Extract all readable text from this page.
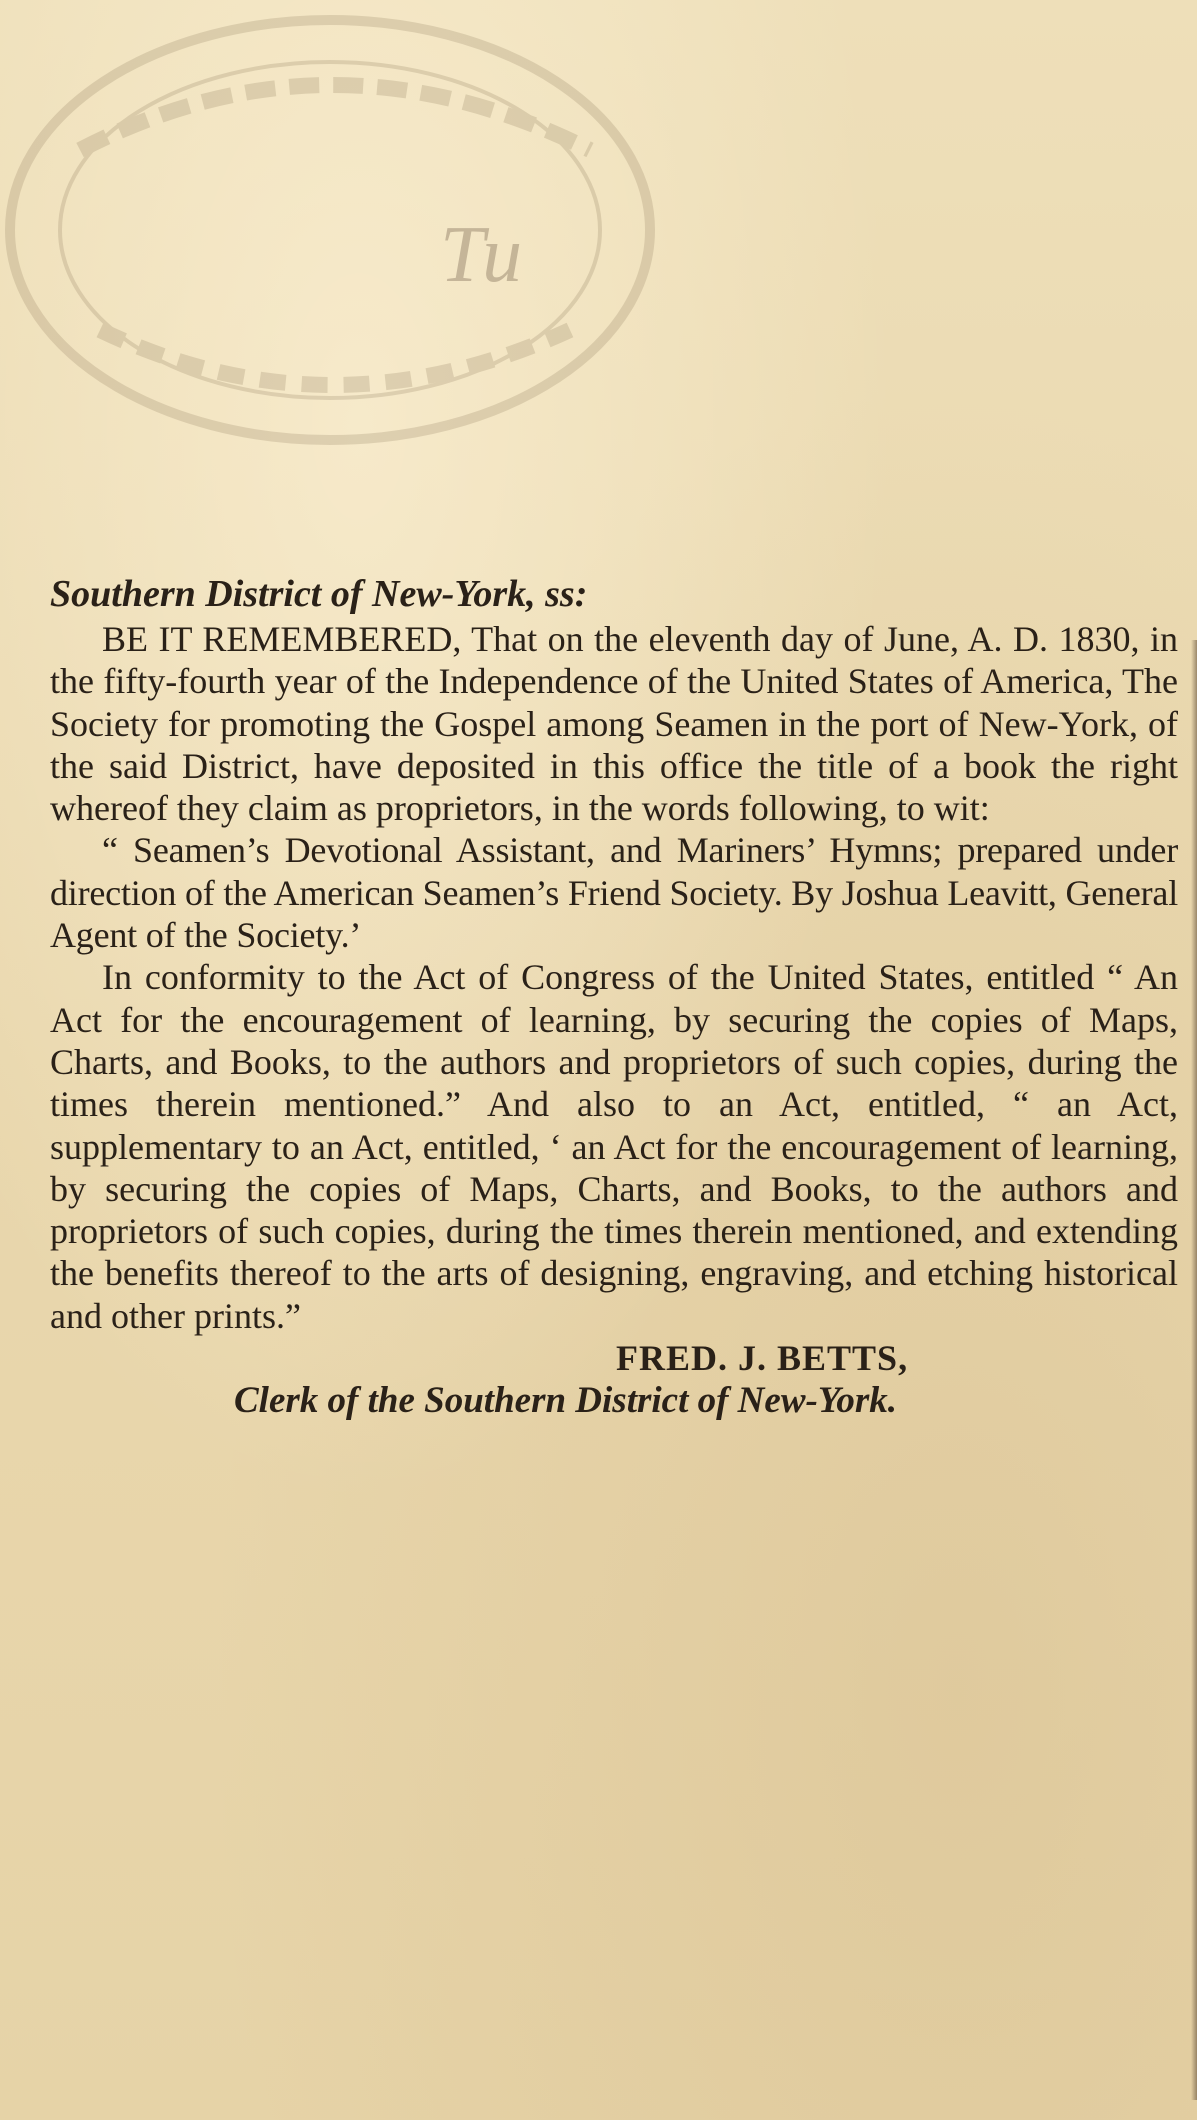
Tu

Southern District of New-York, ss:

BE IT REMEMBERED, That on the eleventh day of June, A. D. 1830, in the fifty-fourth year of the Independence of the United States of America, The Society for promoting the Gospel among Seamen in the port of New-York, of the said District, have deposited in this office the title of a book the right whereof they claim as proprietors, in the words following, to wit:

“ Seamen’s Devotional Assistant, and Mariners’ Hymns; prepared under direction of the American Seamen’s Friend Society. By Joshua Leavitt, General Agent of the Society.’

In conformity to the Act of Congress of the United States, entitled “ An Act for the encouragement of learning, by securing the copies of Maps, Charts, and Books, to the authors and proprietors of such copies, during the times therein mentioned.” And also to an Act, entitled, “ an Act, supplementary to an Act, entitled, ‘ an Act for the encouragement of learning, by securing the copies of Maps, Charts, and Books, to the authors and proprietors of such copies, during the times therein mentioned, and extending the benefits thereof to the arts of designing, engraving, and etching historical and other prints.”

FRED. J. BETTS,

Clerk of the Southern District of New-York.
